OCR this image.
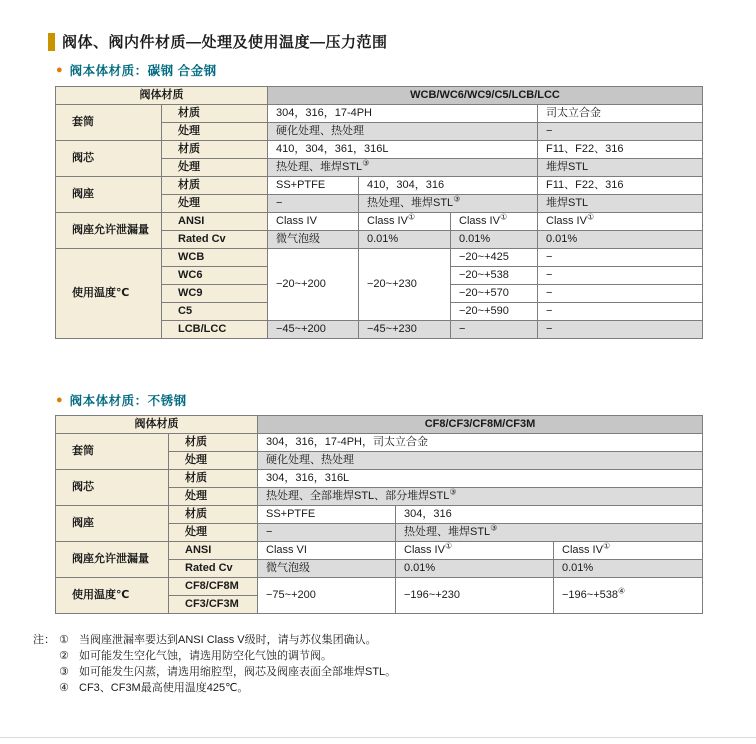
阀体、阀内件材质—处理及使用温度—压力范围
● 阀本体材质：碳钢 合金钢
阀体材质		WCB/WC6/WC9/C5/LCB/LCC			
套筒	材质	304，316，17-4PH			司太立合金
	处理	硬化处理、热处理			−
阀芯	材质	410，304，361，316L			F11、F22、316
	处理	热处理、堆焊STL③			堆焊STL
阀座	材质	SS+PTFE	410，304，316		F11、F22、316
	处理	−	热处理、堆焊STL③		堆焊STL
阀座允许泄漏量	ANSI	Class IV	Class IV①	Class IV①	Class IV①
	Rated Cv	微气泡级	0.01%	0.01%	0.01%
使用温度℃	WCB	−20~+200	−20~+230	−20~+425	−
	WC6			−20~+538	−
	WC9			−20~+570	−
	C5			−20~+590	−
	LCB/LCC	−45~+200	−45~+230	−	−
● 阀本体材质：不锈钢
阀体材质		CF8/CF3/CF8M/CF3M		
套筒	材质	304，316，17-4PH，司太立合金		
	处理	硬化处理、热处理		
阀芯	材质	304，316，316L		
	处理	热处理、全部堆焊STL、部分堆焊STL③
阀座	材质	SS+PTFE	304，316	
	处理	−	热处理、堆焊STL③
阀座允许泄漏量	ANSI	Class VI	Class IV①	Class IV①
	Rated Cv	微气泡级	0.01%	0.01%
使用温度℃	CF8/CF8M	−75~+200	−196~+230	−196~+538④
	CF3/CF3M			
注： ① 当阀座泄漏率要达到ANSI Class V级时，请与苏仪集团确认。
② 如可能发生空化气蚀，请选用防空化气蚀的调节阀。
③ 如可能发生闪蒸，请选用缩腔型，阀芯及阀座表面全部堆焊STL。
④ CF3、CF3M最高使用温度425℃。
